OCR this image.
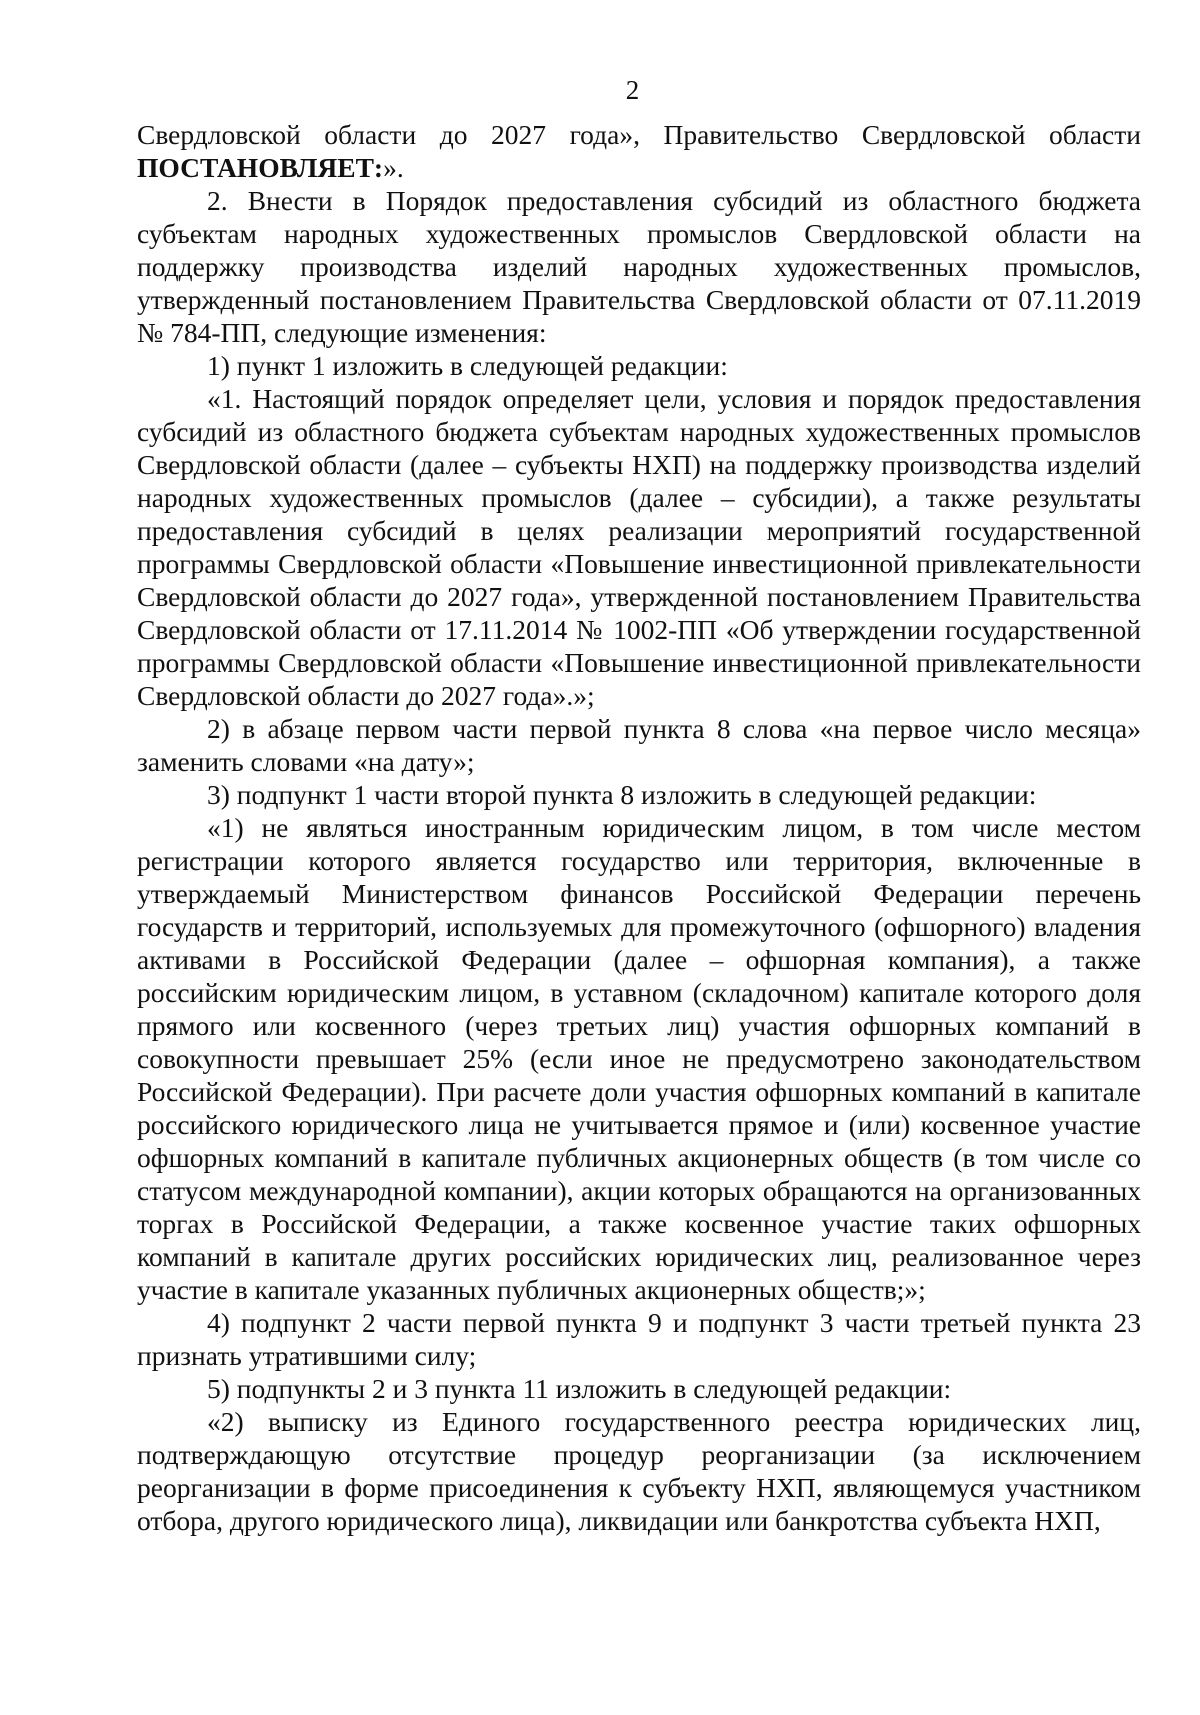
2

Свердловской области до 2027 года», Правительство Свердловской области ПОСТАНОВЛЯЕТ:».

2. Внести в Порядок предоставления субсидий из областного бюджета субъектам народных художественных промыслов Свердловской области на поддержку производства изделий народных художественных промыслов, утвержденный постановлением Правительства Свердловской области от 07.11.2019 № 784-ПП, следующие изменения:

1) пункт 1 изложить в следующей редакции:

«1. Настоящий порядок определяет цели, условия и порядок предоставления субсидий из областного бюджета субъектам народных художественных промыслов Свердловской области (далее – субъекты НХП) на поддержку производства изделий народных художественных промыслов (далее – субсидии), а также результаты предоставления субсидий в целях реализации мероприятий государственной программы Свердловской области «Повышение инвестиционной привлекательности Свердловской области до 2027 года», утвержденной постановлением Правительства Свердловской области от 17.11.2014 № 1002-ПП «Об утверждении государственной программы Свердловской области «Повышение инвестиционной привлекательности Свердловской области до 2027 года».»;

2) в абзаце первом части первой пункта 8 слова «на первое число месяца» заменить словами «на дату»;

3) подпункт 1 части второй пункта 8 изложить в следующей редакции:

«1) не являться иностранным юридическим лицом, в том числе местом регистрации которого является государство или территория, включенные в утверждаемый Министерством финансов Российской Федерации перечень государств и территорий, используемых для промежуточного (офшорного) владения активами в Российской Федерации (далее – офшорная компания), а также российским юридическим лицом, в уставном (складочном) капитале которого доля прямого или косвенного (через третьих лиц) участия офшорных компаний в совокупности превышает 25% (если иное не предусмотрено законодательством Российской Федерации). При расчете доли участия офшорных компаний в капитале российского юридического лица не учитывается прямое и (или) косвенное участие офшорных компаний в капитале публичных акционерных обществ (в том числе со статусом международной компании), акции которых обращаются на организованных торгах в Российской Федерации, а также косвенное участие таких офшорных компаний в капитале других российских юридических лиц, реализованное через участие в капитале указанных публичных акционерных обществ;»;

4) подпункт 2 части первой пункта 9 и подпункт 3 части третьей пункта 23 признать утратившими силу;

5) подпункты 2 и 3 пункта 11 изложить в следующей редакции:

«2) выписку из Единого государственного реестра юридических лиц, подтверждающую отсутствие процедур реорганизации (за исключением реорганизации в форме присоединения к субъекту НХП, являющемуся участником отбора, другого юридического лица), ликвидации или банкротства субъекта НХП,
